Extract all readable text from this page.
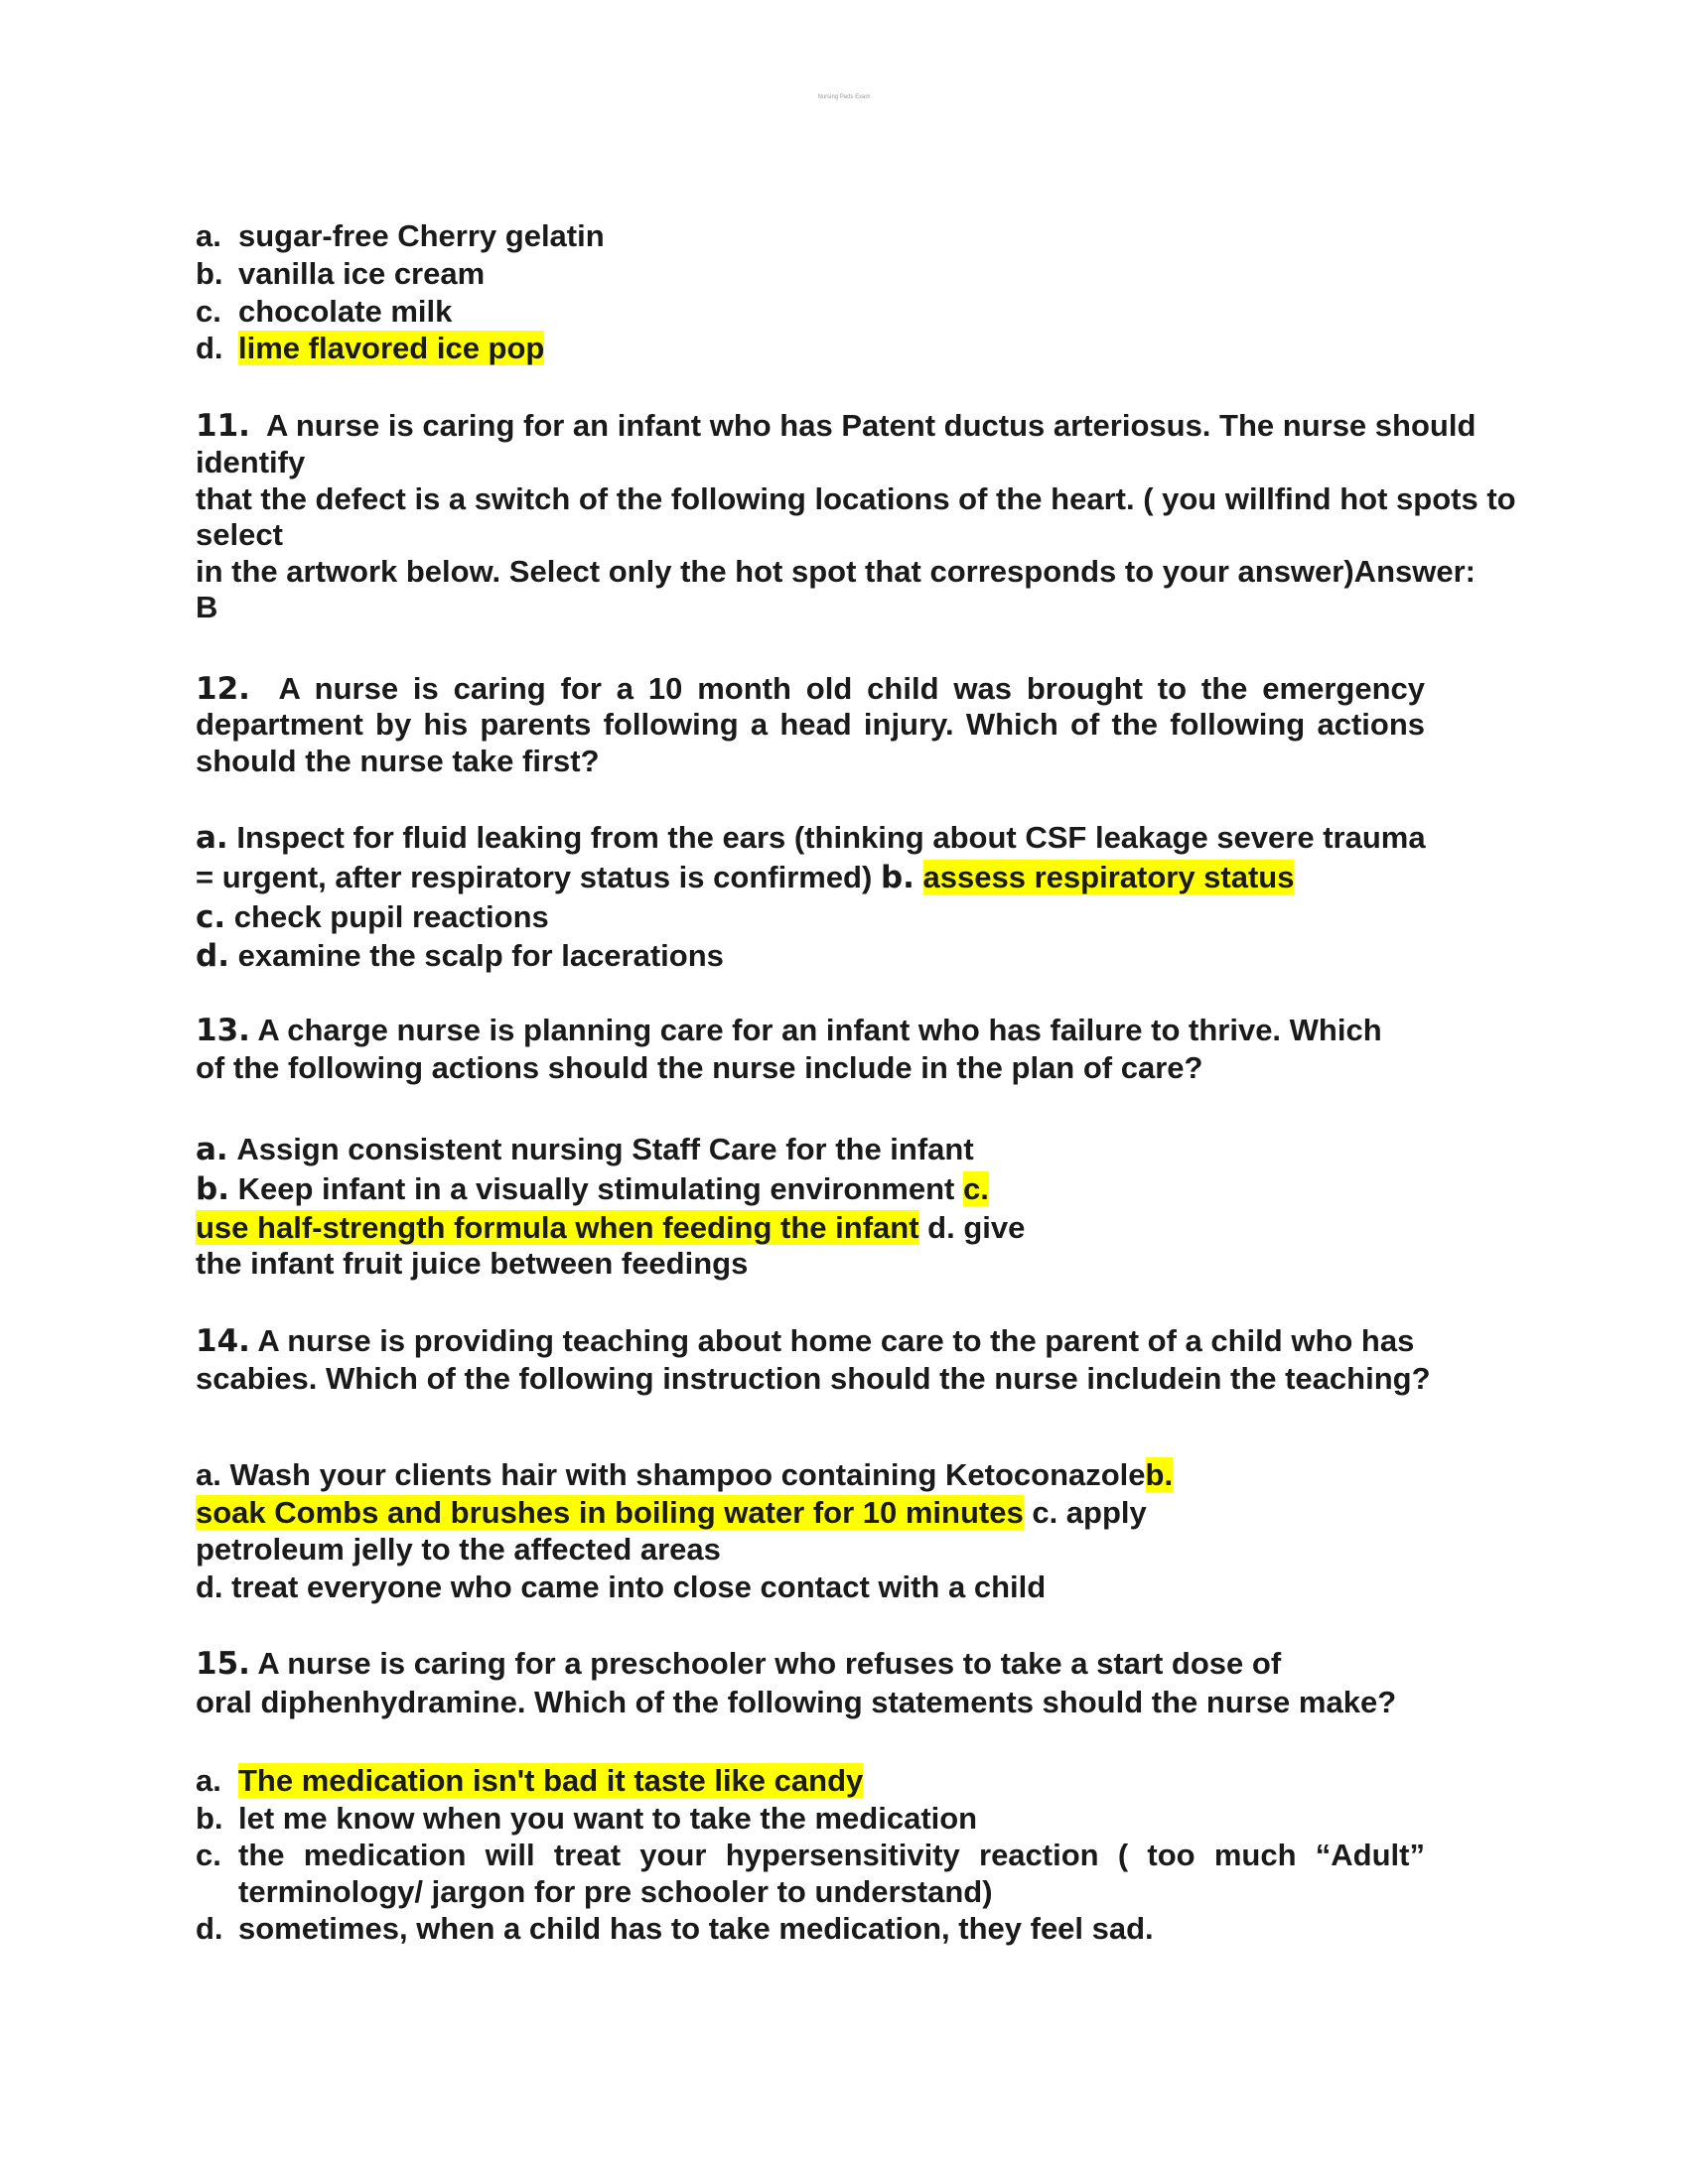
Nursing Peds Exam
a. sugar-free Cherry gelatin
b. vanilla ice cream
c. chocolate milk
d. lime flavored ice pop
11. A nurse is caring for an infant who has Patent ductus arteriosus. The nurse should
identify
that the defect is a switch of the following locations of the heart. ( you willfind hot spots to
select
in the artwork below. Select only the hot spot that corresponds to your answer)Answer:
B
12. A nurse is caring for a 10 month old child was brought to the emergency
department by his parents following a head injury. Which of the following actions
should the nurse take first?
a. Inspect for fluid leaking from the ears (thinking about CSF leakage severe trauma
= urgent, after respiratory status is confirmed) b. assess respiratory status
c. check pupil reactions
d. examine the scalp for lacerations
13. A charge nurse is planning care for an infant who has failure to thrive. Which
of the following actions should the nurse include in the plan of care?
a. Assign consistent nursing Staff Care for the infant
b. Keep infant in a visually stimulating environment c.
use half-strength formula when feeding the infant d. give
the infant fruit juice between feedings
14. A nurse is providing teaching about home care to the parent of a child who has
scabies. Which of the following instruction should the nurse includein the teaching?
a. Wash your clients hair with shampoo containing Ketoconazoleb.
soak Combs and brushes in boiling water for 10 minutes c. apply
petroleum jelly to the affected areas
d. treat everyone who came into close contact with a child
15. A nurse is caring for a preschooler who refuses to take a start dose of
oral diphenhydramine. Which of the following statements should the nurse make?
a. The medication isn't bad it taste like candy
b. let me know when you want to take the medication
c. the medication will treat your hypersensitivity reaction ( too much “Adult”
terminology/ jargon for pre schooler to understand)
d. sometimes, when a child has to take medication, they feel sad.
